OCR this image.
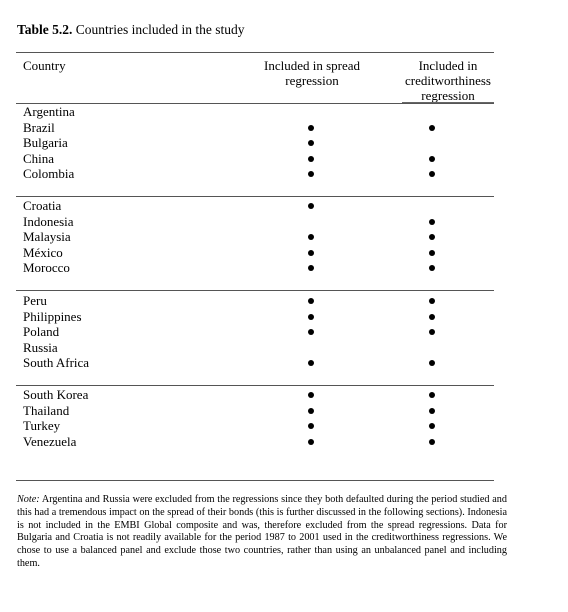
Table 5.2. Countries included in the study
Country	Included in spread
regression
Included in
creditworthiness
regression
Argentina
Brazil
Bulgaria
China
Colombia
Croatia
Indonesia
Malaysia
México
Morocco
Peru
Philippines
Poland
Russia
South Africa
South Korea
Thailand
Turkey
Venezuela
Note: Argentina and Russia were excluded from the regressions since they both defaulted during the period studied and this had a tremendous impact on the spread of their bonds (this is further discussed in the following sections). Indonesia is not included in the EMBI Global composite and was, therefore excluded from the spread regressions. Data for Bulgaria and Croatia is not readily available for the period 1987 to 2001 used in the creditworthiness regressions. We chose to use a balanced panel and exclude those two countries, rather than using an unbalanced panel and including them.
